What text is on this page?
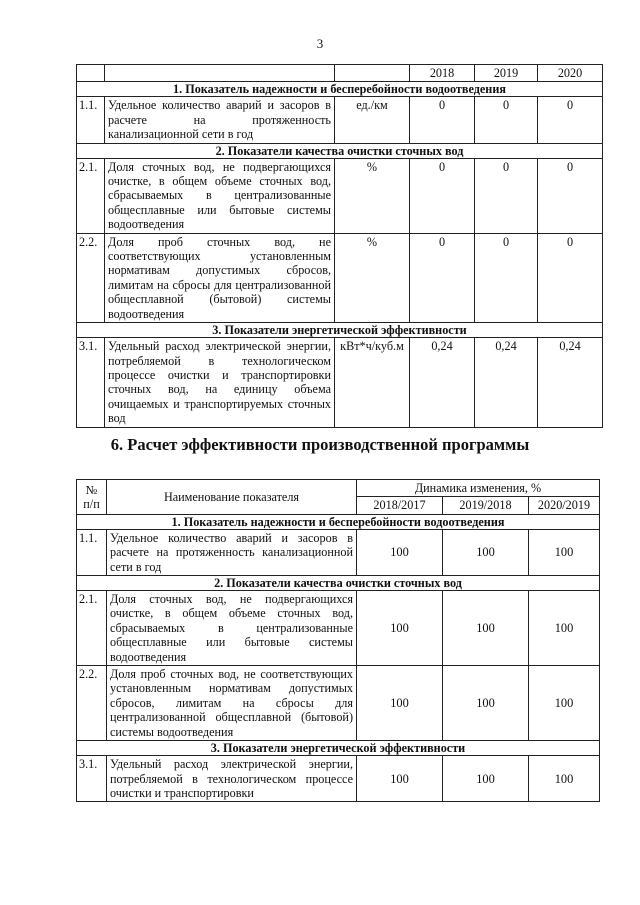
3
			2018	2019	2020
1. Показатель надежности и бесперебойности водоотведения					
1.1.	Удельное количество аварий и засоров в расчете на протяженность канализационной сети в год	ед./км	0	0	0
2. Показатели качества очистки сточных вод					
2.1.	Доля сточных вод, не подвергающихся очистке, в общем объеме сточных вод, сбрасываемых в централизованные общесплавные или бытовые системы водоотведения	%	0	0	0
2.2.	Доля проб сточных вод, не соответствующих установленным нормативам допустимых сбросов, лимитам на сбросы для централизованной общесплавной (бытовой) системы водоотведения	%	0	0	0
3. Показатели энергетической эффективности					
3.1.	Удельный расход электрической энергии, потребляемой в технологическом процессе очистки и транспортировки сточных вод, на единицу объема очищаемых и транспортируемых сточных вод	кВт*ч/куб.м	0,24	0,24	0,24
6. Расчет эффективности производственной программы
№ п/п	Наименование показателя	Динамика изменения, %		
		2018/2017	2019/2018	2020/2019
1. Показатель надежности и бесперебойности водоотведения				
1.1.	Удельное количество аварий и засоров в расчете на протяженность канализационной сети в год	100	100	100
2. Показатели качества очистки сточных вод				
2.1.	Доля сточных вод, не подвергающихся очистке, в общем объеме сточных вод, сбрасываемых в централизованные общесплавные или бытовые системы водоотведения	100	100	100
2.2.	Доля проб сточных вод, не соответствующих установленным нормативам допустимых сбросов, лимитам на сбросы для централизованной общесплавной (бытовой) системы водоотведения	100	100	100
3. Показатели энергетической эффективности				
3.1.	Удельный расход электрической энергии, потребляемой в технологическом процессе очистки и транспортировки	100	100	100
